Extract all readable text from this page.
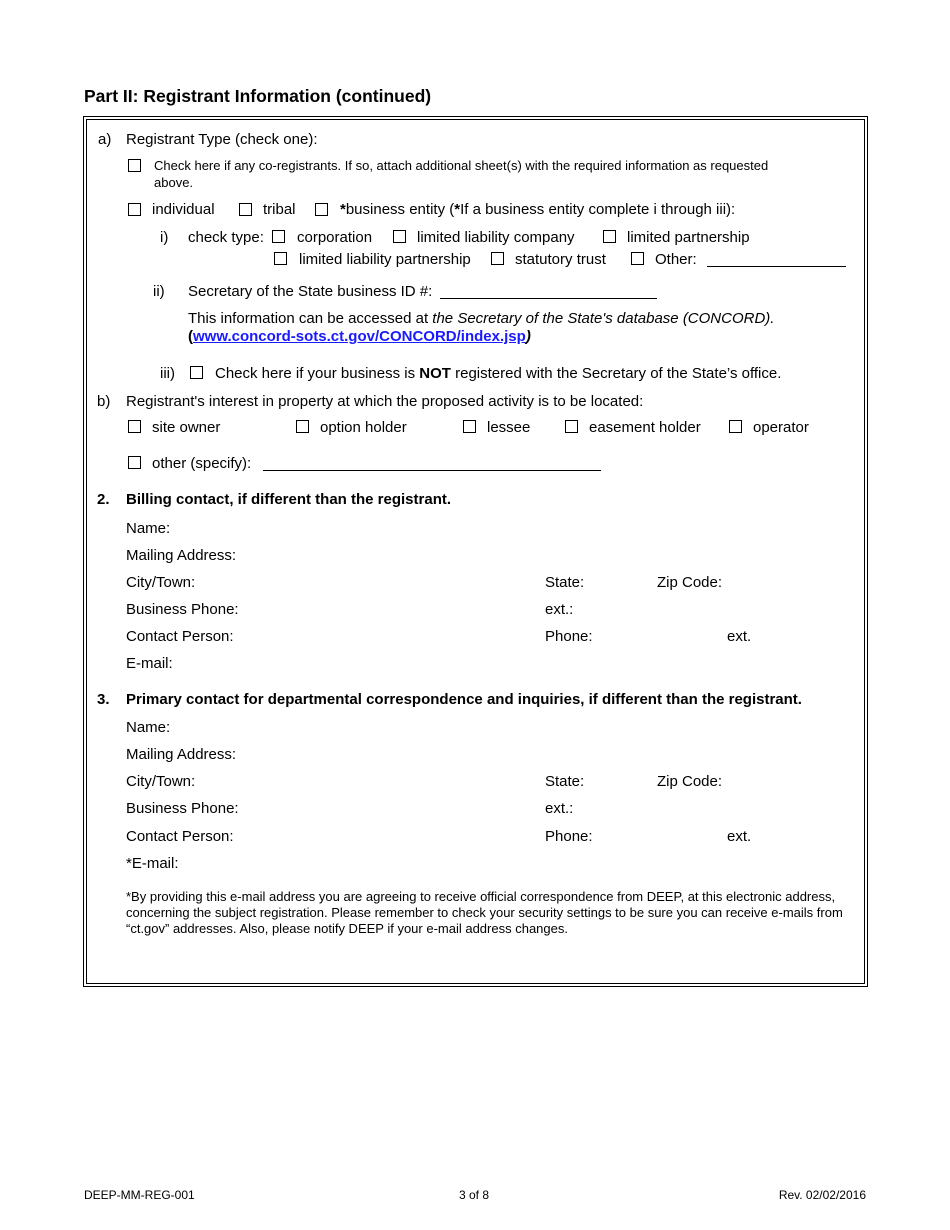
Part II: Registrant Information (continued)
a) Registrant Type (check one):
Check here if any co-registrants. If so, attach additional sheet(s) with the required information as requested
above.
individual	tribal	*business entity (*If a business entity complete i through iii):
i) check type: corporation	limited liability company	limited partnership
limited liability partnership	statutory trust	Other:
ii) Secretary of the State business ID #:
This information can be accessed at the Secretary of the State's database (CONCORD).
(www.concord-sots.ct.gov/CONCORD/index.jsp)
iii)	Check here if your business is NOT registered with the Secretary of the State’s office.
b) Registrant's interest in property at which the proposed activity is to be located:
site owner	option holder	lessee	easement holder	operator
other (specify):
2. Billing contact, if different than the registrant.
Name:
Mailing Address:
City/Town:	State:	Zip Code:
Business Phone:	ext.:
Contact Person:	Phone:	ext.
E-mail:
3. Primary contact for departmental correspondence and inquiries, if different than the registrant.
Name:
Mailing Address:
City/Town:	State:	Zip Code:
Business Phone:	ext.:
Contact Person:	Phone:	ext.
*E-mail:
*By providing this e-mail address you are agreeing to receive official correspondence from DEEP, at this electronic address, concerning the subject registration. Please remember to check your security settings to be sure you can receive e-mails from “ct.gov” addresses. Also, please notify DEEP if your e-mail address changes.
DEEP-MM-REG-001	3 of 8	Rev. 02/02/2016
